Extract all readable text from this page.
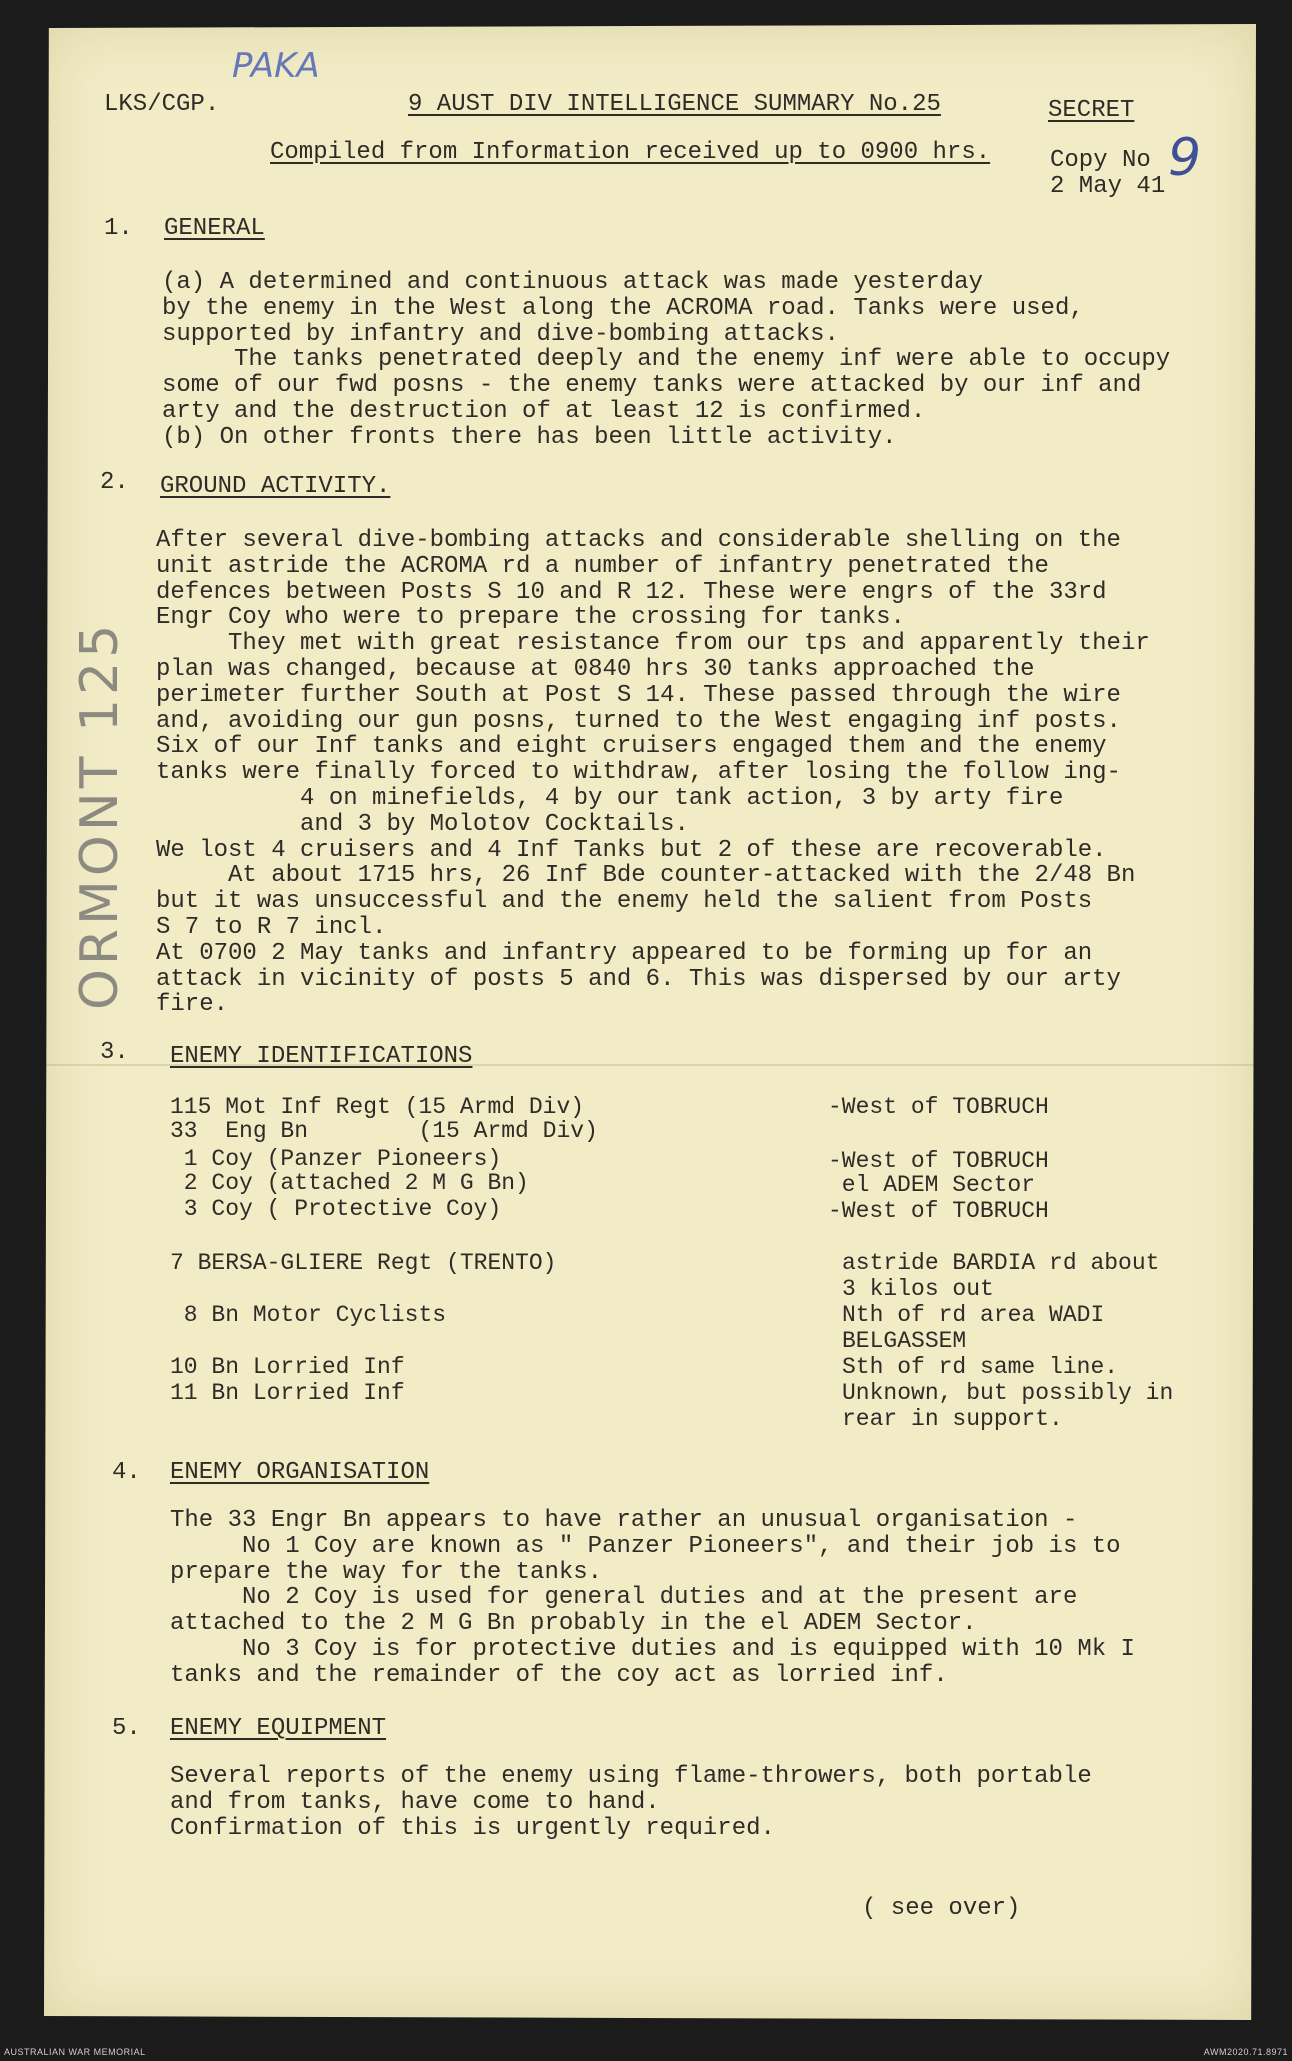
PAKA
LKS/CGP.	9 AUST DIV INTELLIGENCE SUMMARY No.25	SECRET
Compiled from Information received up to 0900 hrs. Copy No 9
2 May 41
ORMONT 125
1. GENERAL
(a) A determined and continuous attack was made yesterday
by the enemy in the West along the ACROMA road. Tanks were used,
supported by infantry and dive-bombing attacks.
The tanks penetrated deeply and the enemy inf were able to occupy
some of our fwd posns - the enemy tanks were attacked by our inf and
arty and the destruction of at least 12 is confirmed.
(b) On other fronts there has been little activity.
2. GROUND ACTIVITY.
After several dive-bombing attacks and considerable shelling on the
unit astride the ACROMA rd a number of infantry penetrated the
defences between Posts S 10 and R 12. These were engrs of the 33rd
Engr Coy who were to prepare the crossing for tanks.
They met with great resistance from our tps and apparently their
plan was changed, because at 0840 hrs 30 tanks approached the
perimeter further South at Post S 14. These passed through the wire
and, avoiding our gun posns, turned to the West engaging inf posts.
Six of our Inf tanks and eight cruisers engaged them and the enemy
tanks were finally forced to withdraw, after losing the follow ing-
4 on minefields, 4 by our tank action, 3 by arty fire
and 3 by Molotov Cocktails.
We lost 4 cruisers and 4 Inf Tanks but 2 of these are recoverable.
At about 1715 hrs, 26 Inf Bde counter-attacked with the 2/48 Bn
but it was unsuccessful and the enemy held the salient from Posts
S 7 to R 7 incl.
At 0700 2 May tanks and infantry appeared to be forming up for an
attack in vicinity of posts 5 and 6. This was dispersed by our arty
fire.
3. ENEMY IDENTIFICATIONS
115 Mot Inf Regt (15 Armd Div)	-West of TOBRUCH
33  Eng Bn        (15 Armd Div)
1 Coy (Panzer Pioneers)	-West of TOBRUCH
2 Coy (attached 2 M G Bn)	el ADEM Sector
3 Coy ( Protective Coy)	-West of TOBRUCH
7 BERSA-GLIERE Regt (TRENTO)	astride BARDIA rd about
3 kilos out
8 Bn Motor Cyclists	Nth of rd area WADI
BELGASSEM
10 Bn Lorried Inf	Sth of rd same line.
11 Bn Lorried Inf	Unknown, but possibly in
rear in support.
4. ENEMY ORGANISATION
The 33 Engr Bn appears to have rather an unusual organisation -
No 1 Coy are known as " Panzer Pioneers", and their job is to
prepare the way for the tanks.
No 2 Coy is used for general duties and at the present are
attached to the 2 M G Bn probably in the el ADEM Sector.
No 3 Coy is for protective duties and is equipped with 10 Mk I
tanks and the remainder of the coy act as lorried inf.
5. ENEMY EQUIPMENT
Several reports of the enemy using flame-throwers, both portable
and from tanks, have come to hand.
Confirmation of this is urgently required.
( see over)
AUSTRALIAN WAR MEMORIAL	AWM2020.71.8971
